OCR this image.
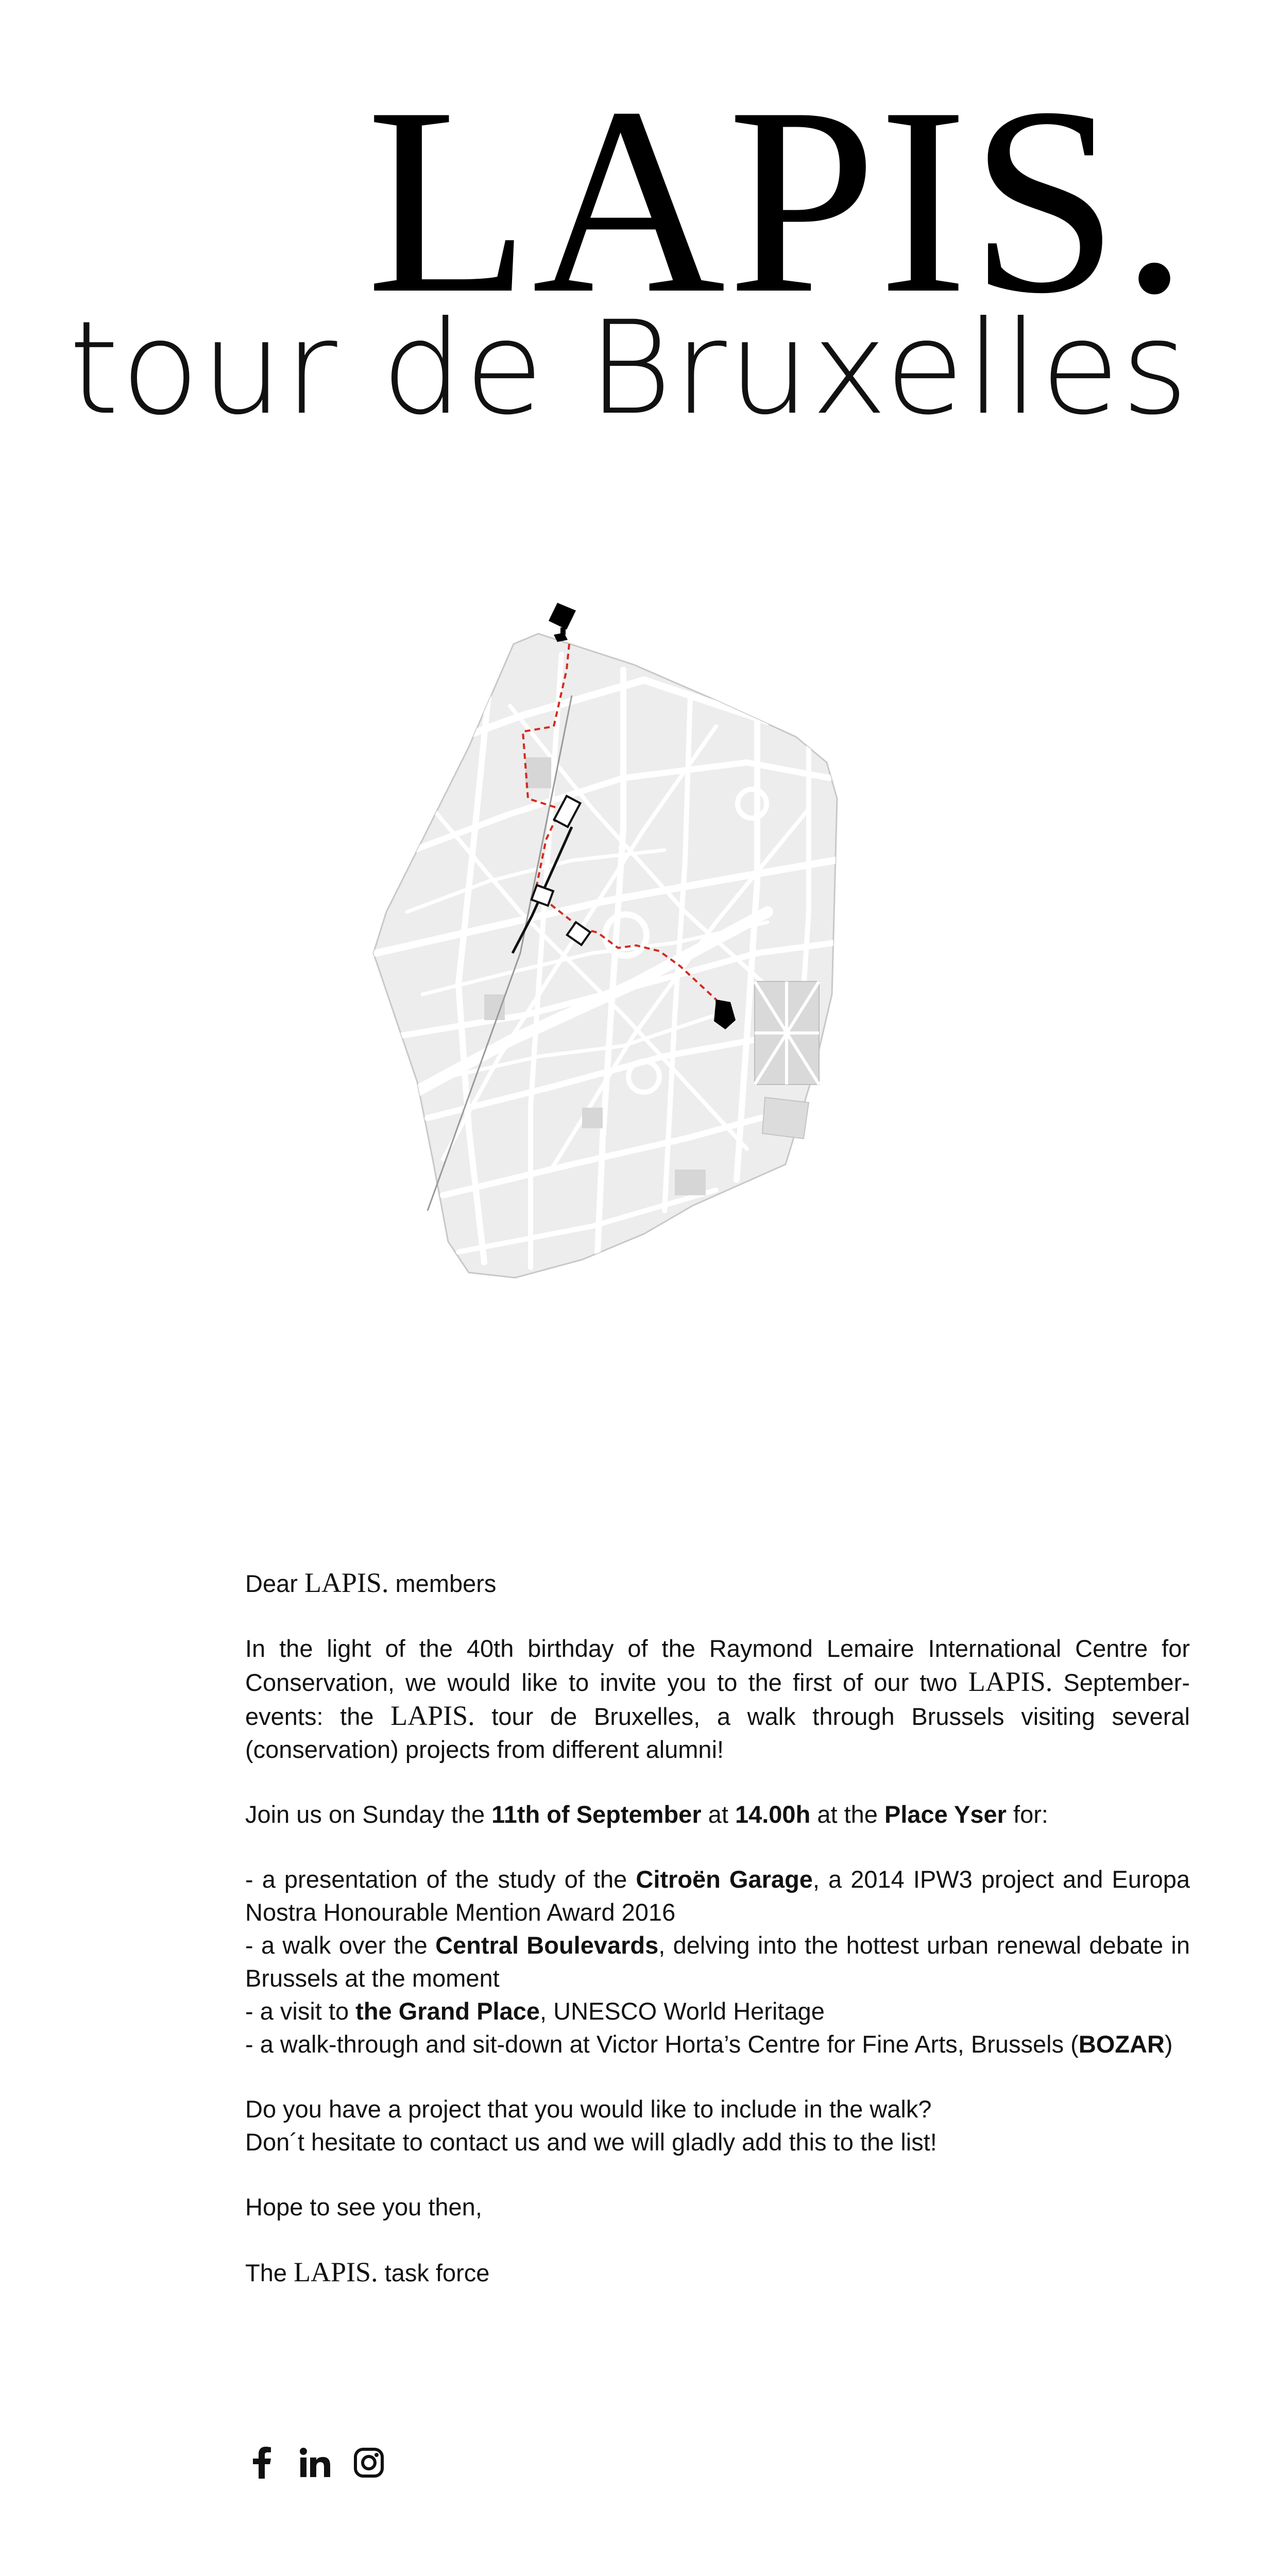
LAPIS.
tour de Bruxelles

Dear LAPIS. members

In the light of the 40th birthday of the Raymond Lemaire International Centre for Conservation, we would like to invite you to the first of our two LAPIS. September-events: the LAPIS. tour de Bruxelles, a walk through Brussels visiting several (conservation) projects from different alumni!

Join us on Sunday the 11th of September at 14.00h at the Place Yser for:

- a presentation of the study of the Citroën Garage, a 2014 IPW3 project and Europa Nostra Honourable Mention Award 2016
- a walk over the Central Boulevards, delving into the hottest urban renewal debate in Brussels at the moment
- a visit to the Grand Place, UNESCO World Heritage
- a walk-through and sit-down at Victor Horta’s Centre for Fine Arts, Brussels (BOZAR)

Do you have a project that you would like to include in the walk?
Don´t hesitate to contact us and we will gladly add this to the list!

Hope to see you then,

The LAPIS. task force
